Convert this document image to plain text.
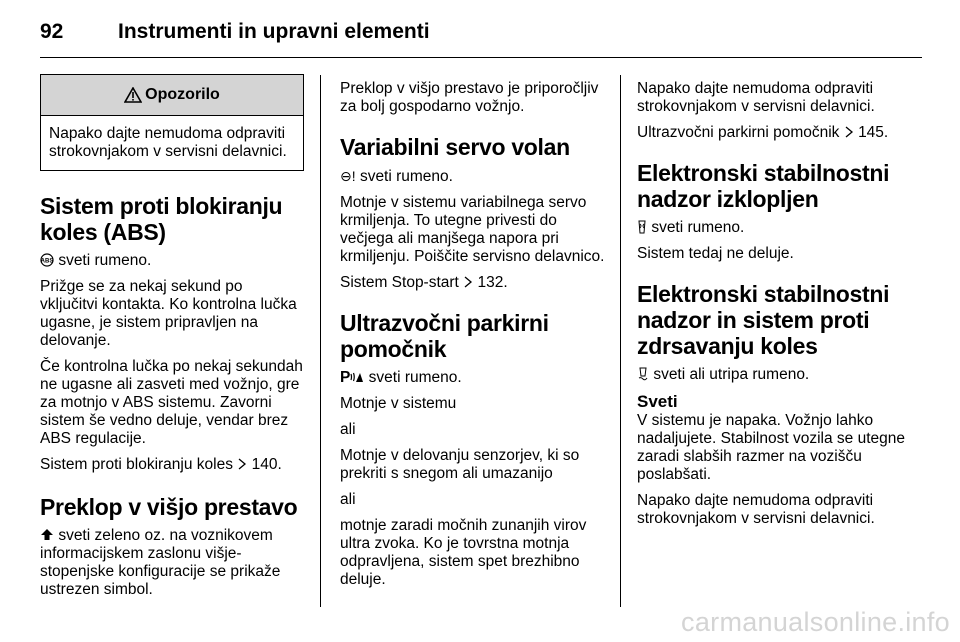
92	Instrumenti in upravni elementi
Opozorilo
Napako dajte nemudoma odpraviti strokovnjakom v servisni delavnici.
Sistem proti blokiranju koles (ABS)

ABS sveti rumeno.

Prižge se za nekaj sekund po vključitvi kontakta. Ko kontrolna lučka ugasne, je sistem pripravljen na delovanje.

Če kontrolna lučka po nekaj sekundah ne ugasne ali zasveti med vožnjo, gre za motnjo v ABS sistemu. Zavorni sistem še vedno deluje, vendar brez ABS regulacije.

Sistem proti blokiranju koles 140.

Preklop v višjo prestavo

sveti zeleno oz. na voznikovem informacijskem zaslonu višje-stopenjske konfiguracije se prikaže ustrezen simbol.

Preklop v višjo prestavo je priporočljiv za bolj gospodarno vožnjo.

Variabilni servo volan

⊖! sveti rumeno.

Motnje v sistemu variabilnega servo krmiljenja. To utegne privesti do večjega ali manjšega napora pri krmiljenju. Poiščite servisno delavnico.

Sistem Stop-start 132.

Ultrazvočni parkirni pomočnik

P sveti rumeno.

Motnje v sistemu

ali

Motnje v delovanju senzorjev, ki so prekriti s snegom ali umazanijo

ali

motnje zaradi močnih zunanjih virov ultra zvoka. Ko je tovrstna motnja odpravljena, sistem spet brezhibno deluje.

Napako dajte nemudoma odpraviti strokovnjakom v servisni delavnici.

Ultrazvočni parkirni pomočnik 145.

Elektronski stabilnostni nadzor izklopljen

sveti rumeno.

Sistem tedaj ne deluje.

Elektronski stabilnostni nadzor in sistem proti zdrsavanju koles

sveti ali utripa rumeno.

Sveti

V sistemu je napaka. Vožnjo lahko nadaljujete. Stabilnost vozila se utegne zaradi slabših razmer na vozišču poslabšati.

Napako dajte nemudoma odpraviti strokovnjakom v servisni delavnici.

carmanualsonline.info
